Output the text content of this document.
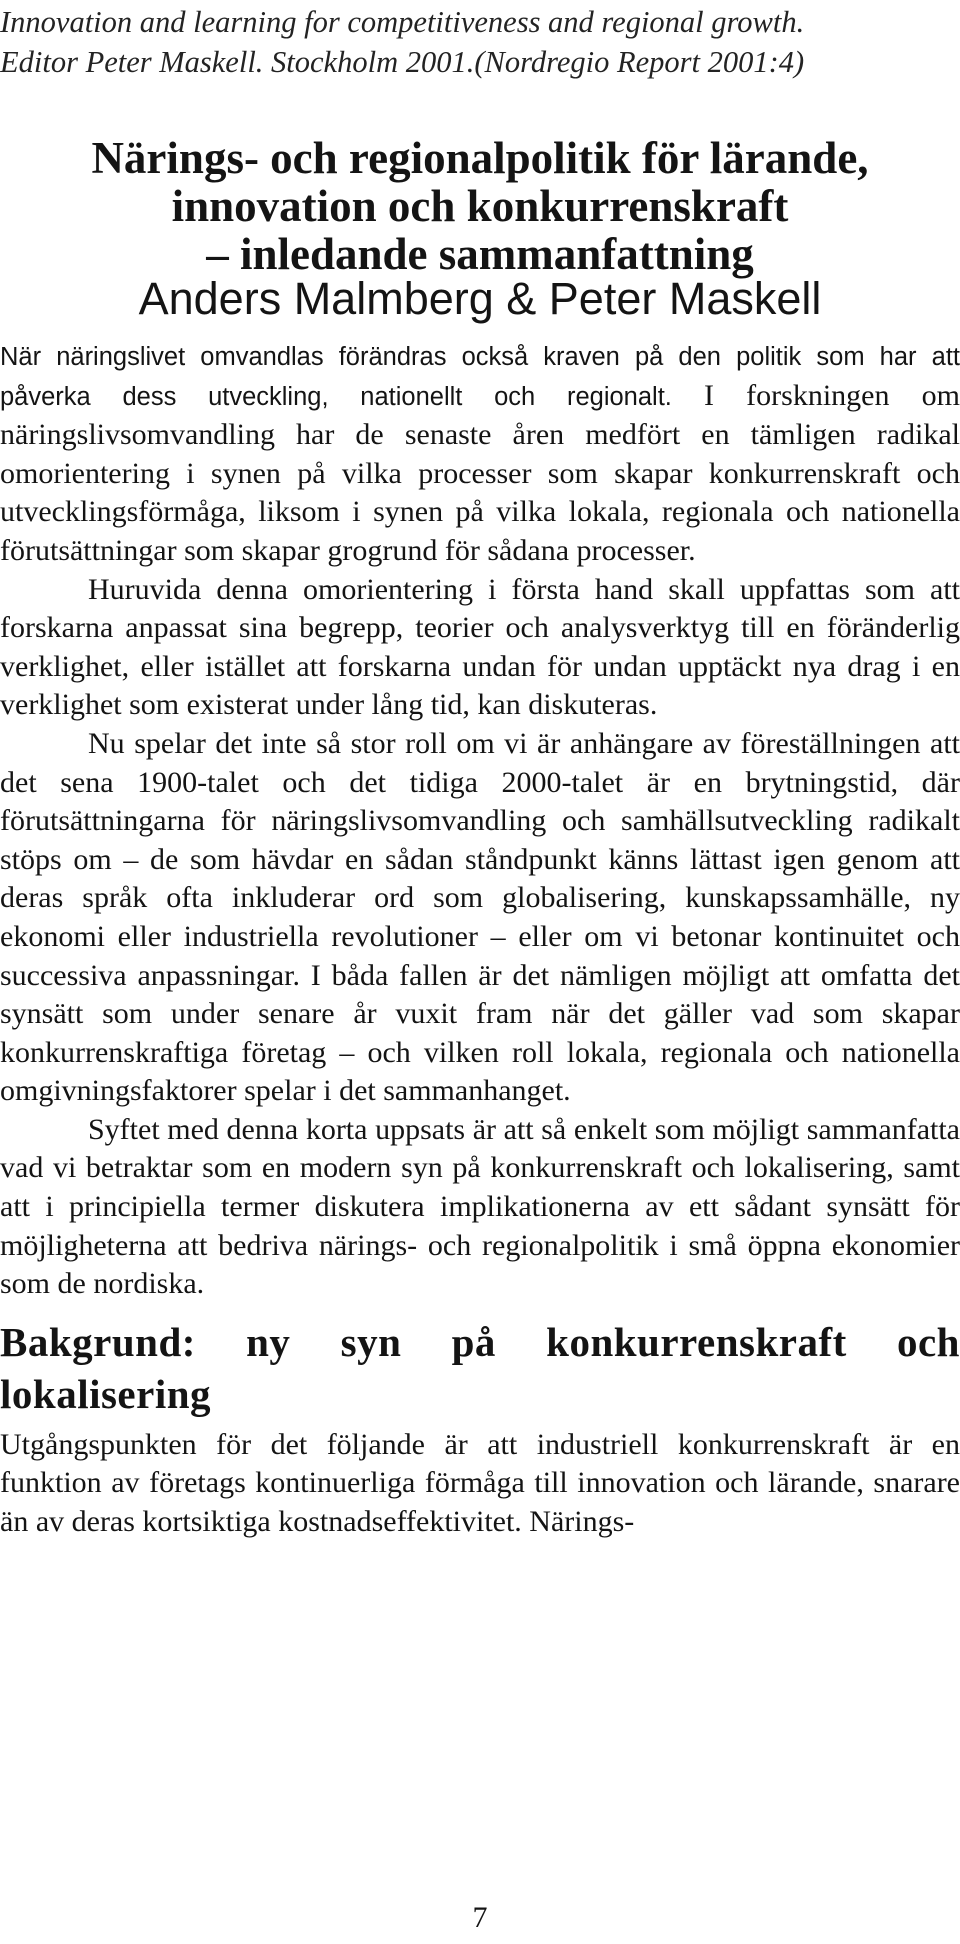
Innovation and learning for competitiveness and regional growth.
Editor Peter Maskell. Stockholm 2001.(Nordregio Report 2001:4)
Närings- och regionalpolitik för lärande,
innovation och konkurrenskraft
– inledande sammanfattning
Anders Malmberg & Peter Maskell

När näringslivet omvandlas förändras också kraven på den politik som har att påverka dess utveckling, nationellt och regionalt. I forskningen om näringslivsomvandling har de senaste åren medfört en tämligen radikal omorientering i synen på vilka processer som skapar konkurrenskraft och utvecklingsförmåga, liksom i synen på vilka lokala, regionala och nationella förutsättningar som skapar grogrund för sådana processer.

Huruvida denna omorientering i första hand skall uppfattas som att forskarna anpassat sina begrepp, teorier och analysverktyg till en föränderlig verklighet, eller istället att forskarna undan för undan upptäckt nya drag i en verklighet som existerat under lång tid, kan diskuteras.

Nu spelar det inte så stor roll om vi är anhängare av föreställningen att det sena 1900-talet och det tidiga 2000-talet är en brytningstid, där förutsättningarna för näringslivsomvandling och samhällsutveckling radikalt stöps om – de som hävdar en sådan ståndpunkt känns lättast igen genom att deras språk ofta inkluderar ord som globalisering, kunskapssamhälle, ny ekonomi eller industriella revolutioner – eller om vi betonar kontinuitet och successiva anpassningar. I båda fallen är det nämligen möjligt att omfatta det synsätt som under senare år vuxit fram när det gäller vad som skapar konkurrenskraftiga företag – och vilken roll lokala, regionala och nationella omgivningsfaktorer spelar i det sammanhanget.

Syftet med denna korta uppsats är att så enkelt som möjligt sammanfatta vad vi betraktar som en modern syn på konkurrenskraft och lokalisering, samt att i principiella termer diskutera implikationerna av ett sådant synsätt för möjligheterna att bedriva närings- och regionalpolitik i små öppna ekonomier som de nordiska.

Bakgrund: ny syn på konkurrenskraft och lokalisering

Utgångspunkten för det följande är att industriell konkurrenskraft är en funktion av företags kontinuerliga förmåga till innovation och lärande, snarare än av deras kortsiktiga kostnadseffektivitet. Närings-

7
